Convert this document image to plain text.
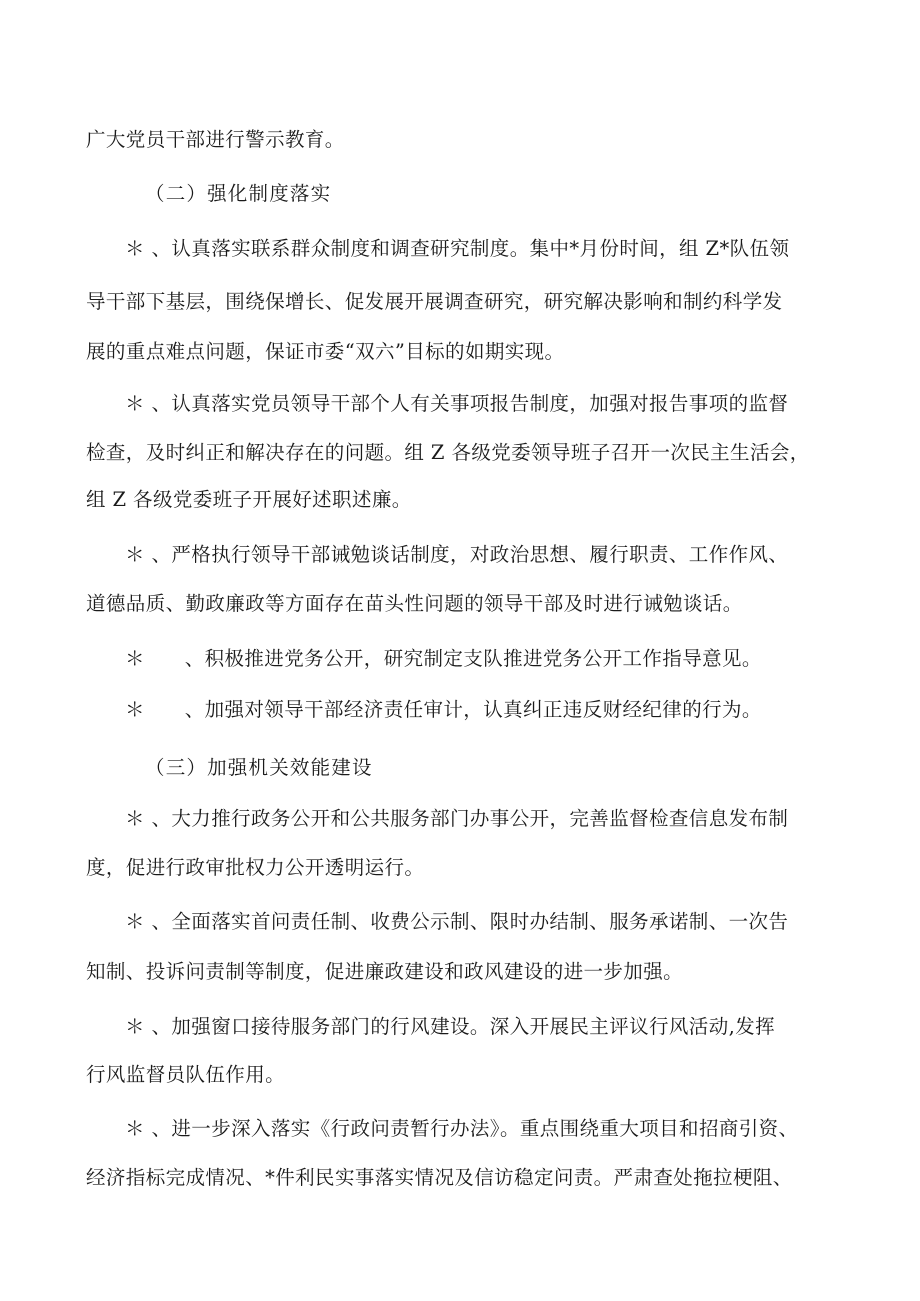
广大党员干部进行警示教育。
（二）强化制度落实
＊ 、认真落实联系群众制度和调查研究制度。集中*月份时间，组 Z*队伍领
导干部下基层，围绕保增长、促发展开展调查研究，研究解决影响和制约科学发
展的重点难点问题，保证市委“双六”目标的如期实现。
＊ 、认真落实党员领导干部个人有关事项报告制度，加强对报告事项的监督
检查，及时纠正和解决存在的问题。组 Z 各级党委领导班子召开一次民主生活会，
组 Z 各级党委班子开展好述职述廉。
＊ 、严格执行领导干部诫勉谈话制度，对政治思想、履行职责、工作作风、
道德品质、勤政廉政等方面存在苗头性问题的领导干部及时进行诫勉谈话。
＊　　、积极推进党务公开，研究制定支队推进党务公开工作指导意见。
＊　　、加强对领导干部经济责任审计，认真纠正违反财经纪律的行为。
（三）加强机关效能建设
＊ 、大力推行政务公开和公共服务部门办事公开，完善监督检查信息发布制
度，促进行政审批权力公开透明运行。
＊ 、全面落实首问责任制、收费公示制、限时办结制、服务承诺制、一次告
知制、投诉问责制等制度，促进廉政建设和政风建设的进一步加强。
＊ 、加强窗口接待服务部门的行风建设。深入开展民主评议行风活动,发挥
行风监督员队伍作用。
＊ 、进一步深入落实《行政问责暂行办法》。重点围绕重大项目和招商引资、
经济指标完成情况、*件利民实事落实情况及信访稳定问责。严肃查处拖拉梗阻、
